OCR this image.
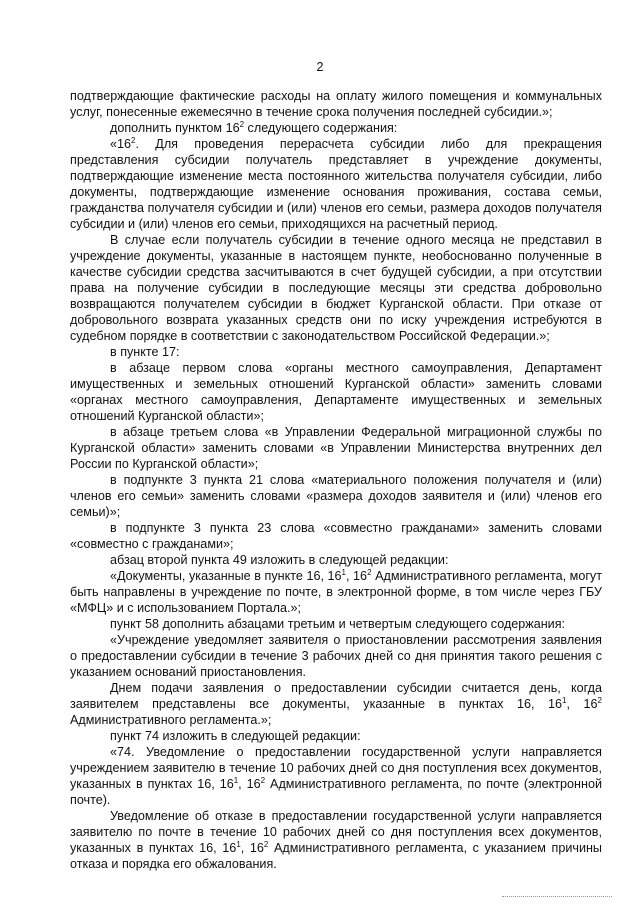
2

подтверждающие фактические расходы на оплату жилого помещения и коммунальных услуг, понесенные ежемесячно в течение срока получения последней субсидии.»;

дополнить пунктом $16^2$ следующего содержания:

«$16^2$. Для проведения перерасчета субсидии либо для прекращения представления субсидии получатель представляет в учреждение документы, подтверждающие изменение места постоянного жительства получателя субсидии, либо документы, подтверждающие изменение основания проживания, состава семьи, гражданства получателя субсидии и (или) членов его семьи, размера доходов получателя субсидии и (или) членов его семьи, приходящихся на расчетный период.

В случае если получатель субсидии в течение одного месяца не представил в учреждение документы, указанные в настоящем пункте, необоснованно полученные в качестве субсидии средства засчитываются в счет будущей субсидии, а при отсутствии права на получение субсидии в последующие месяцы эти средства добровольно возвращаются получателем субсидии в бюджет Курганской области. При отказе от добровольного возврата указанных средств они по иску учреждения истребуются в судебном порядке в соответствии с законодательством Российской Федерации.»;

в пункте 17:

в абзаце первом слова «органы местного самоуправления, Департамент имущественных и земельных отношений Курганской области» заменить словами «органах местного самоуправления, Департаменте имущественных и земельных отношений Курганской области»;

в абзаце третьем слова «в Управлении Федеральной миграционной службы по Курганской области» заменить словами «в Управлении Министерства внутренних дел России по Курганской области»;

в подпункте 3 пункта 21 слова «материального положения получателя и (или) членов его семьи» заменить словами «размера доходов заявителя и (или) членов его семьи)»;

в подпункте 3 пункта 23 слова «совместно гражданами» заменить словами «совместно с гражданами»;

абзац второй пункта 49 изложить в следующей редакции:

«Документы, указанные в пункте 16, $16^1$, $16^2$ Административного регламента, могут быть направлены в учреждение по почте, в электронной форме, в том числе через ГБУ «МФЦ» и с использованием Портала.»;

пункт 58 дополнить абзацами третьим и четвертым следующего содержания:

«Учреждение уведомляет заявителя о приостановлении рассмотрения заявления о предоставлении субсидии в течение 3 рабочих дней со дня принятия такого решения с указанием оснований приостановления.

Днем подачи заявления о предоставлении субсидии считается день, когда заявителем представлены все документы, указанные в пунктах 16, $16^1$, $16^2$ Административного регламента.»;

пункт 74 изложить в следующей редакции:

«74. Уведомление о предоставлении государственной услуги направляется учреждением заявителю в течение 10 рабочих дней со дня поступления всех документов, указанных в пунктах 16, $16^1$, $16^2$ Административного регламента, по почте (электронной почте).

Уведомление об отказе в предоставлении государственной услуги направляется заявителю по почте в течение 10 рабочих дней со дня поступления всех документов, указанных в пунктах 16, $16^1$, $16^2$ Административного регламента, с указанием причины отказа и порядка его обжалования.
